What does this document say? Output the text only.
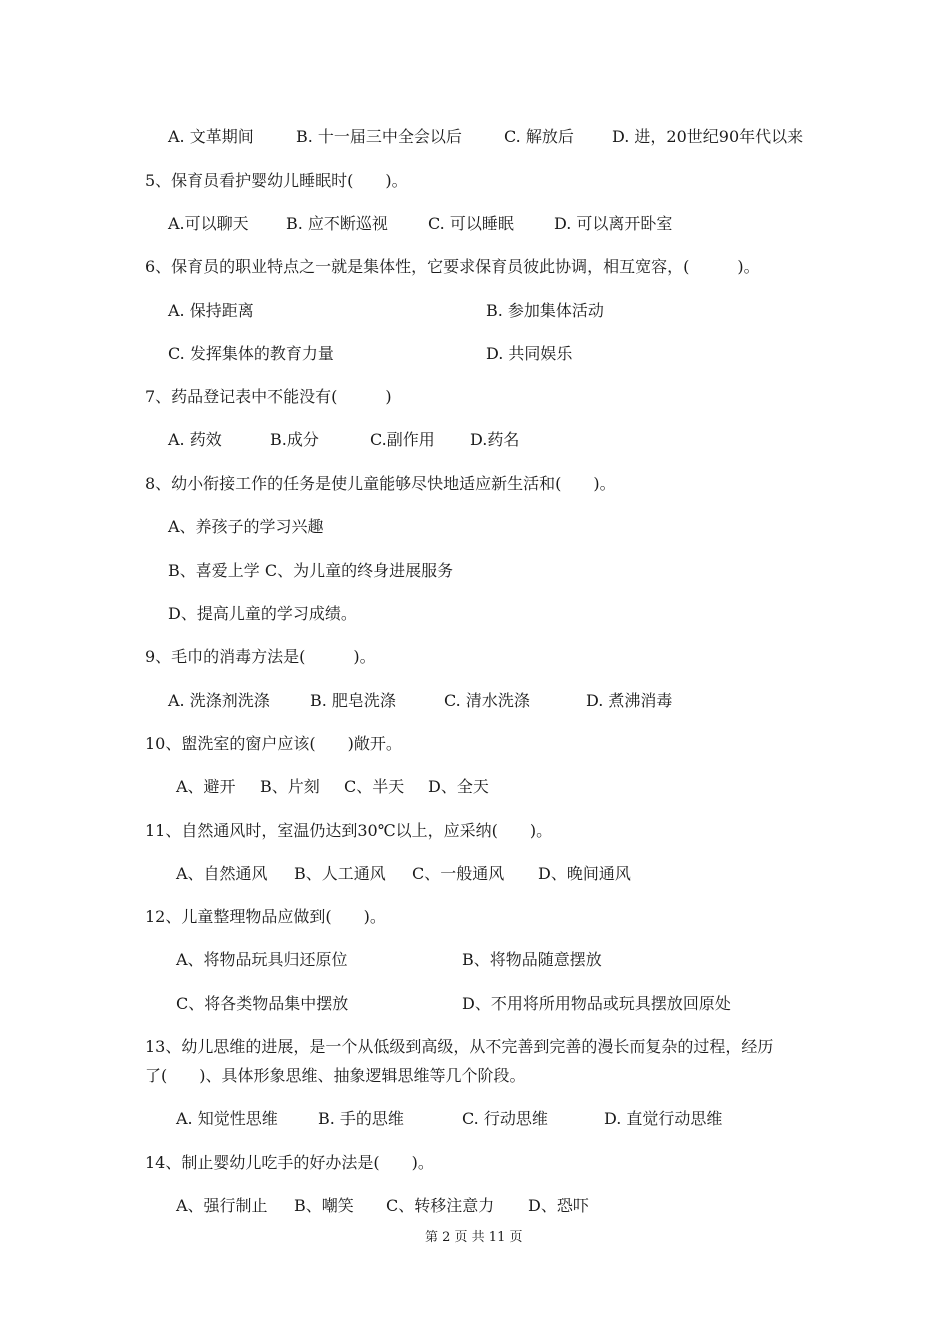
A. 文革期间	B. 十一届三中全会以后	C. 解放后 D. 进，20世纪90年代以来
5、保育员看护婴幼儿睡眠时(　　)。
A.可以聊天 B. 应不断巡视	C. 可以睡眠	D. 可以离开卧室
6、保育员的职业特点之一就是集体性，它要求保育员彼此协调，相互宽容，(　　　)。
A. 保持距离	B. 参加集体活动
C. 发挥集体的教育力量	D. 共同娱乐
7、药品登记表中不能没有(　　　)
A. 药效	B.成分	C.副作用 D.药名
8、幼小衔接工作的任务是使儿童能够尽快地适应新生活和(　　)。
A、养孩子的学习兴趣
B、喜爱上学 C、为儿童的终身进展服务
D、提高儿童的学习成绩。
9、毛巾的消毒方法是(　　　)。
A. 洗涤剂洗涤	B. 肥皂洗涤	C. 清水洗涤	D. 煮沸消毒
10、盥洗室的窗户应该(　　)敞开。
A、避开 B、片刻 C、半天 D、全天
11、自然通风时，室温仍达到30℃以上，应采纳(　　)。
A、自然通风 B、人工通风 C、一般通风 D、晚间通风
12、儿童整理物品应做到(　　)。
A、将物品玩具归还原位	B、将物品随意摆放
C、将各类物品集中摆放	D、不用将所用物品或玩具摆放回原处
13、幼儿思维的进展，是一个从低级到高级，从不完善到完善的漫长而复杂的过程，经历
了(　　)、具体形象思维、抽象逻辑思维等几个阶段。
A. 知觉性思维	B. 手的思维	C. 行动思维	D. 直觉行动思维
14、制止婴幼儿吃手的好办法是(　　)。
A、强行制止 B、嘲笑 C、转移注意力 D、恐吓
第 2 页 共 11 页
